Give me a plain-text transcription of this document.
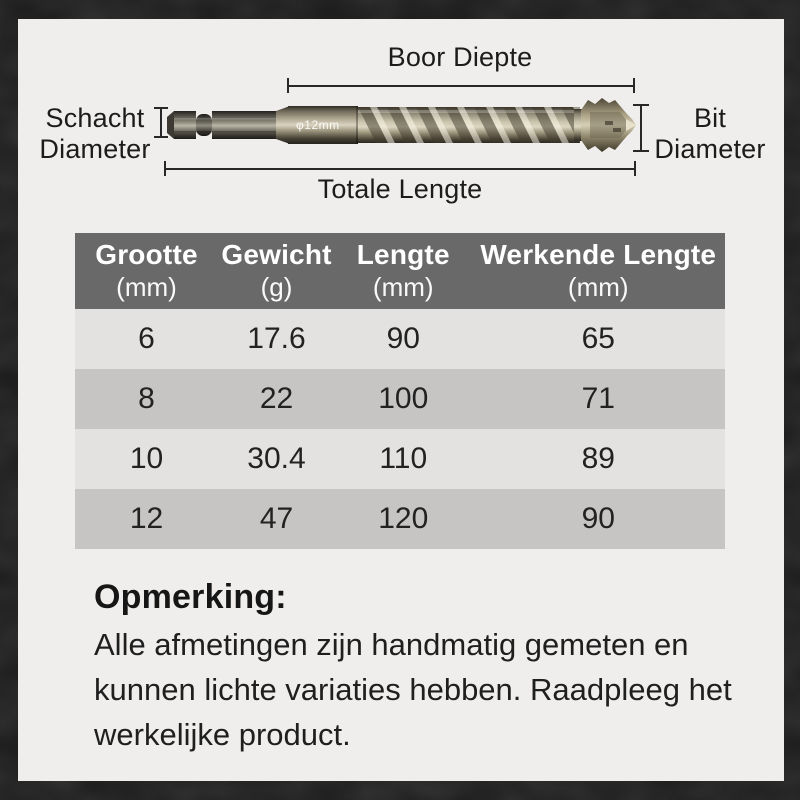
Boor Diepte
Schacht
Diameter
Bit
Diameter
Totale Lengte
φ12mm
Grootte
(mm)
Gewicht
(g)
Lengte
(mm)
Werkende Lengte
(mm)
6	17.6	90	65
8	22	100	71
10	30.4	110	89
12	47	120	90
Opmerking:
Alle afmetingen zijn handmatig gemeten en kunnen lichte variaties hebben. Raadpleeg het werkelijke product.
